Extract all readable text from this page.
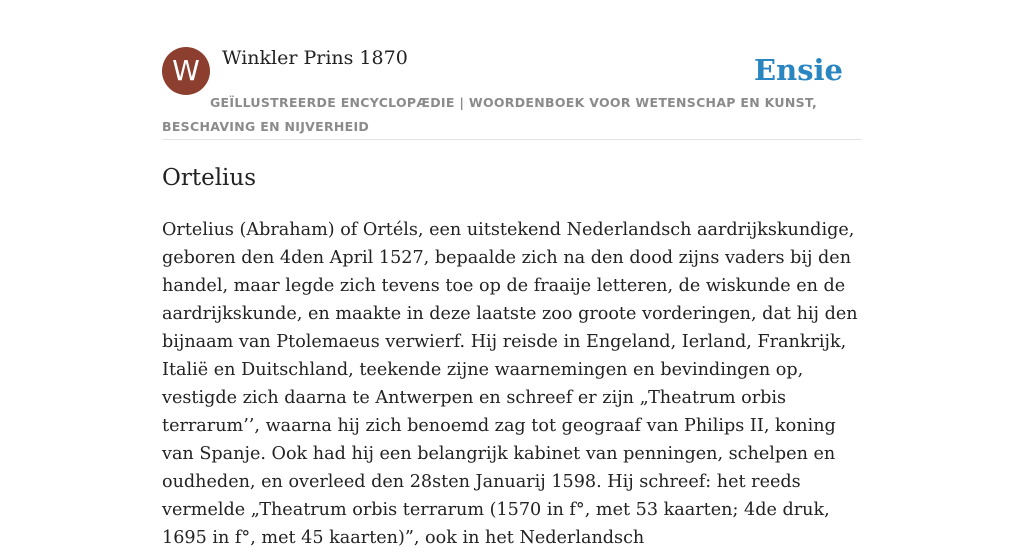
W	Winkler Prins 1870	Ensie
GEÏLLUSTREERDE ENCYCLOPÆDIE | WOORDENBOEK VOOR WETENSCHAP EN KUNST, BESCHAVING EN NIJVERHEID
Ortelius

Ortelius (Abraham) of Ortéls, een uitstekend Nederlandsch aardrijkskundige, geboren den 4den April 1527, bepaalde zich na den dood zijns vaders bij den handel, maar legde zich tevens toe op de fraaije letteren, de wiskunde en de aardrijkskunde, en maakte in deze laatste zoo groote vorderingen, dat hij den bijnaam van Ptolemaeus verwierf. Hij reisde in Engeland, Ierland, Frankrijk, Italië en Duitschland, teekende zijne waarnemingen en bevindingen op, vestigde zich daarna te Antwerpen en schreef er zijn „Theatrum orbis terrarum’’, waarna hij zich benoemd zag tot geograaf van Philips II, koning van Spanje. Ook had hij een belangrijk kabinet van penningen, schelpen en oudheden, en overleed den 28sten Januarij 1598. Hij schreef: het reeds vermelde „Theatrum orbis terrarum (1570 in f°, met 53 kaarten; 4de druk, 1695 in f°, met 45 kaarten)”, ook in het Nederlandsch
